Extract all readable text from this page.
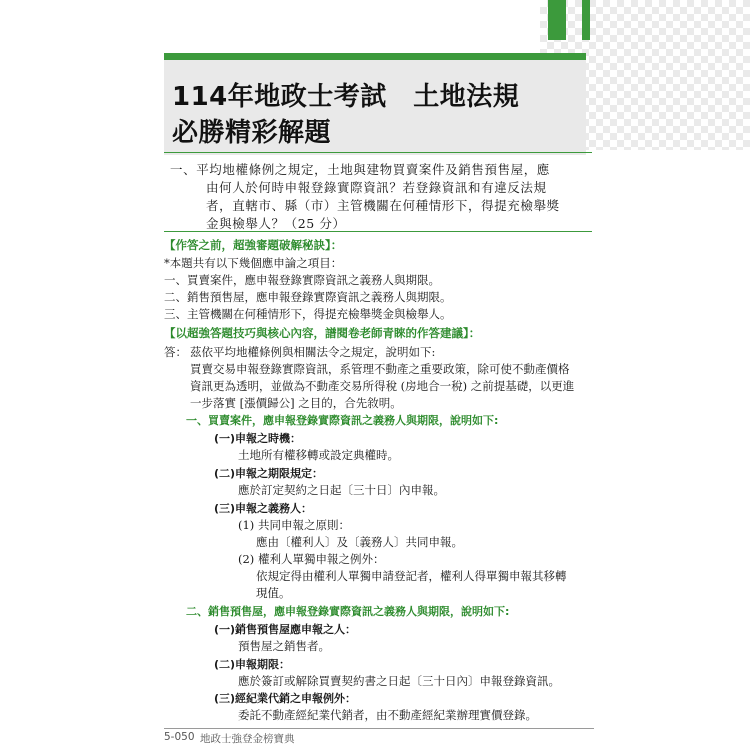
114年地政士考試　土地法規
必勝精彩解題
一、平均地權條例之規定，土地與建物買賣案件及銷售預售屋，應
由何人於何時申報登錄實際資訊？若登錄資訊和有違反法規
者，直轄市、縣（市）主管機關在何種情形下，得提充檢舉獎
金與檢舉人？（25 分）
【作答之前，超強審題破解秘訣】：
*本題共有以下幾個應申論之項目：
一、買賣案件，應申報登錄實際資訊之義務人與期限。
二、銷售預售屋，應申報登錄實際資訊之義務人與期限。
三、主管機關在何種情形下，得提充檢舉獎金與檢舉人。
【以超強答題技巧與核心內容，譜閱卷老師青睞的作答建議】：
答： 茲依平均地權條例與相關法令之規定，說明如下:
買賣交易申報登錄實際資訊，系管理不動產之重要政策，除可使不動產價格
資訊更為透明，並做為不動產交易所得稅 (房地合一稅) 之前提基礎，以更進
一步落實 [漲價歸公] 之目的，合先敘明。
一、買賣案件，應申報登錄實際資訊之義務人與期限，說明如下:
(一)申報之時機：
土地所有權移轉或設定典權時。
(二)申報之期限規定：
應於訂定契約之日起〔三十日〕內申報。
(三)申報之義務人：
(1) 共同申報之原則：
應由〔權利人〕及〔義務人〕共同申報。
(2) 權利人單獨申報之例外：
依規定得由權利人單獨申請登記者，權利人得單獨申報其移轉
現值。
二、銷售預售屋，應申報登錄實際資訊之義務人與期限，說明如下:
(一)銷售預售屋應申報之人：
預售屋之銷售者。
(二)申報期限：
應於簽訂或解除買賣契約書之日起〔三十日內〕申報登錄資訊。
(三)經紀業代銷之申報例外：
委託不動產經紀業代銷者，由不動產經紀業辦理實價登錄。
5-050 地政士強登金榜寶典
